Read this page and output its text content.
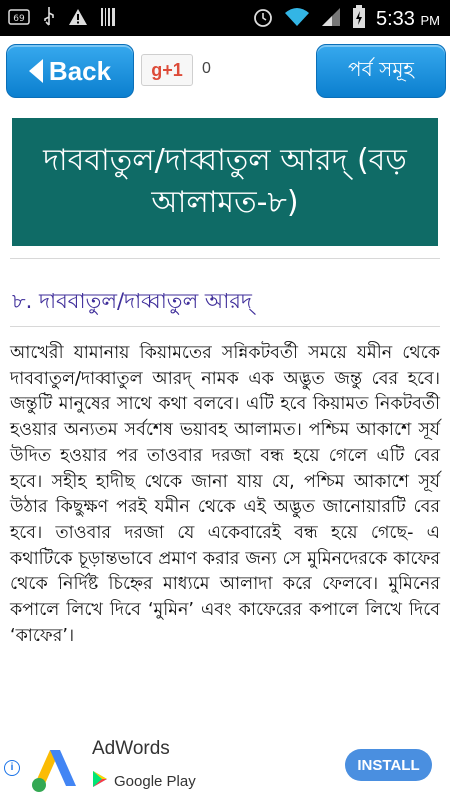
69	5:33 PM
Back g+1 0	পর্ব সমূহ
দাববাতুল/দাব্বাতুল আরদ্ (বড় আলামত-৮)
৮. দাববাতুল/দাব্বাতুল আরদ্
আখেরী যামানায় কিয়ামতের সন্নিকটবর্তী সময়ে যমীন থেকে দাববাতুল/দাব্বাতুল আরদ্ নামক এক অদ্ভুত জন্তু বের হবে। জন্তুটি মানুষের সাথে কথা বলবে। এটি হবে কিয়ামত নিকটবর্তী হওয়ার অন্যতম সর্বশেষ ভয়াবহ আলামত। পশ্চিম আকাশে সূর্য উদিত হওয়ার পর তাওবার দরজা বন্ধ হয়ে গেলে এটি বের হবে। সহীহ হাদীছ থেকে জানা যায় যে, পশ্চিম আকাশে সূর্য উঠার কিছুক্ষণ পরই যমীন থেকে এই অদ্ভুত জানোয়ারটি বের হবে। তাওবার দরজা যে একেবারেই বন্ধ হয়ে গেছে- এ কথাটিকে চূড়ান্তভাবে প্রমাণ করার জন্য সে মুমিনদেরকে কাফের থেকে নির্দিষ্ট চিহ্নের মাধ্যমে আলাদা করে ফেলবে। মুমিনের কপালে লিখে দিবে ‘মুমিন’ এবং কাফেরের কপালে লিখে দিবে ‘কাফের’।
i
AdWords
Google Play
INSTALL
